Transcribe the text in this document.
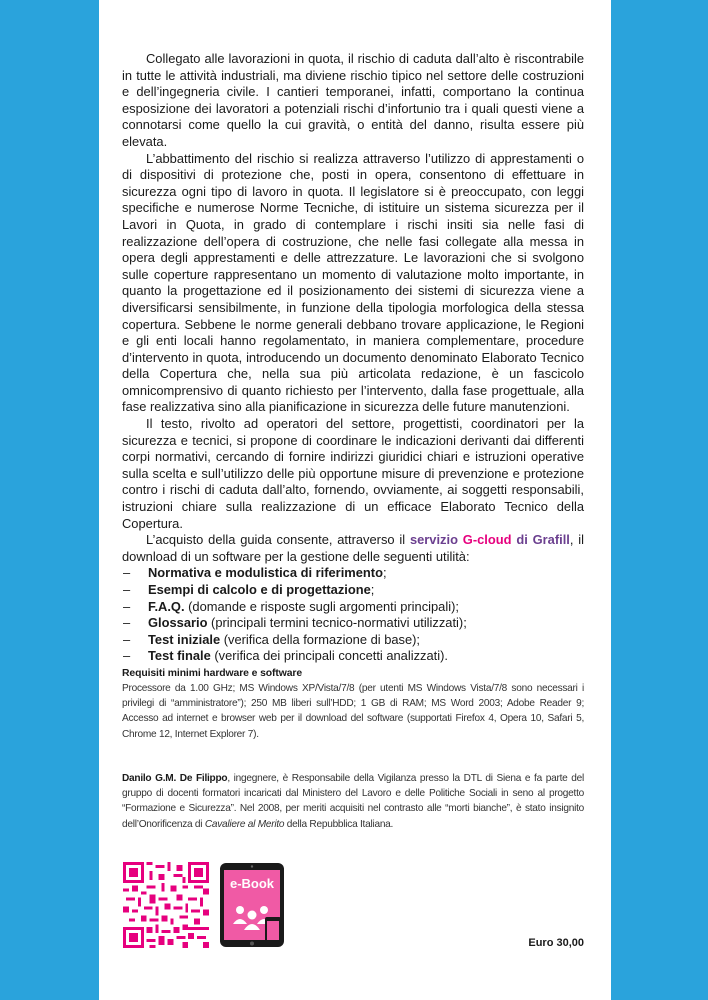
Collegato alle lavorazioni in quota, il rischio di caduta dall’alto è riscontrabile in tutte le attività industriali, ma diviene rischio tipico nel settore delle costruzioni e dell’ingegneria civile. I cantieri temporanei, infatti, comportano la continua esposizione dei lavoratori a potenziali rischi d’infortunio tra i quali questi viene a connotarsi come quello la cui gravità, o entità del danno, risulta essere più elevata.

L’abbattimento del rischio si realizza attraverso l’utilizzo di apprestamenti o di dispositivi di protezione che, posti in opera, consentono di effettuare in sicurezza ogni tipo di lavoro in quota. Il legislatore si è preoccupato, con leggi specifiche e numerose Norme Tecniche, di istituire un sistema sicurezza per il Lavori in Quota, in grado di contemplare i rischi insiti sia nelle fasi di realizzazione dell’opera di costruzione, che nelle fasi collegate alla messa in opera degli apprestamenti e delle attrezzature. Le lavorazioni che si svolgono sulle coperture rappresentano un momento di valutazione molto importante, in quanto la progettazione ed il posizionamento dei sistemi di sicurezza viene a diversificarsi sensibilmente, in funzione della tipologia morfologica della stessa copertura. Sebbene le norme generali debbano trovare applicazione, le Regioni e gli enti locali hanno regolamentato, in maniera complementare, procedure d’intervento in quota, introducendo un documento denominato Elaborato Tecnico della Copertura che, nella sua più articolata redazione, è un fascicolo omnicomprensivo di quanto richiesto per l’intervento, dalla fase progettuale, alla fase realizzativa sino alla pianificazione in sicurezza delle future manutenzioni.

Il testo, rivolto ad operatori del settore, progettisti, coordinatori per la sicurezza e tecnici, si propone di coordinare le indicazioni derivanti dai differenti corpi normativi, cercando di fornire indirizzi giuridici chiari e istruzioni operative sulla scelta e sull’utilizzo delle più opportune misure di prevenzione e protezione contro i rischi di caduta dall’alto, fornendo, ovviamente, ai soggetti responsabili, istruzioni chiare sulla realizzazione di un efficace Elaborato Tecnico della Copertura.

L’acquisto della guida consente, attraverso il servizio G-cloud di Grafill, il download di un software per la gestione delle seguenti utilità:

– Normativa e modulistica di riferimento;
– Esempi di calcolo e di progettazione;
– F.A.Q. (domande e risposte sugli argomenti principali);
– Glossario (principali termini tecnico-normativi utilizzati);
– Test iniziale (verifica della formazione di base);
– Test finale (verifica dei principali concetti analizzati).
Requisiti minimi hardware e software
Processore da 1.00 GHz; MS Windows XP/Vista/7/8 (per utenti MS Windows Vista/7/8 sono necessari i privilegi di “amministratore”); 250 MB liberi sull’HDD; 1 GB di RAM; MS Word 2003; Adobe Reader 9; Accesso ad internet e browser web per il download del software (supportati Firefox 4, Opera 10, Safari 5, Chrome 12, Internet Explorer 7).
Danilo G.M. De Filippo, ingegnere, è Responsabile della Vigilanza presso la DTL di Siena e fa parte del gruppo di docenti formatori incaricati dal Ministero del Lavoro e delle Politiche Sociali in seno al progetto “Formazione e Sicurezza”. Nel 2008, per meriti acquisiti nel contrasto alle “morti bianche”, è stato insignito dell’Onorificenza di Cavaliere al Merito della Repubblica Italiana.
e-Book
Euro 30,00
